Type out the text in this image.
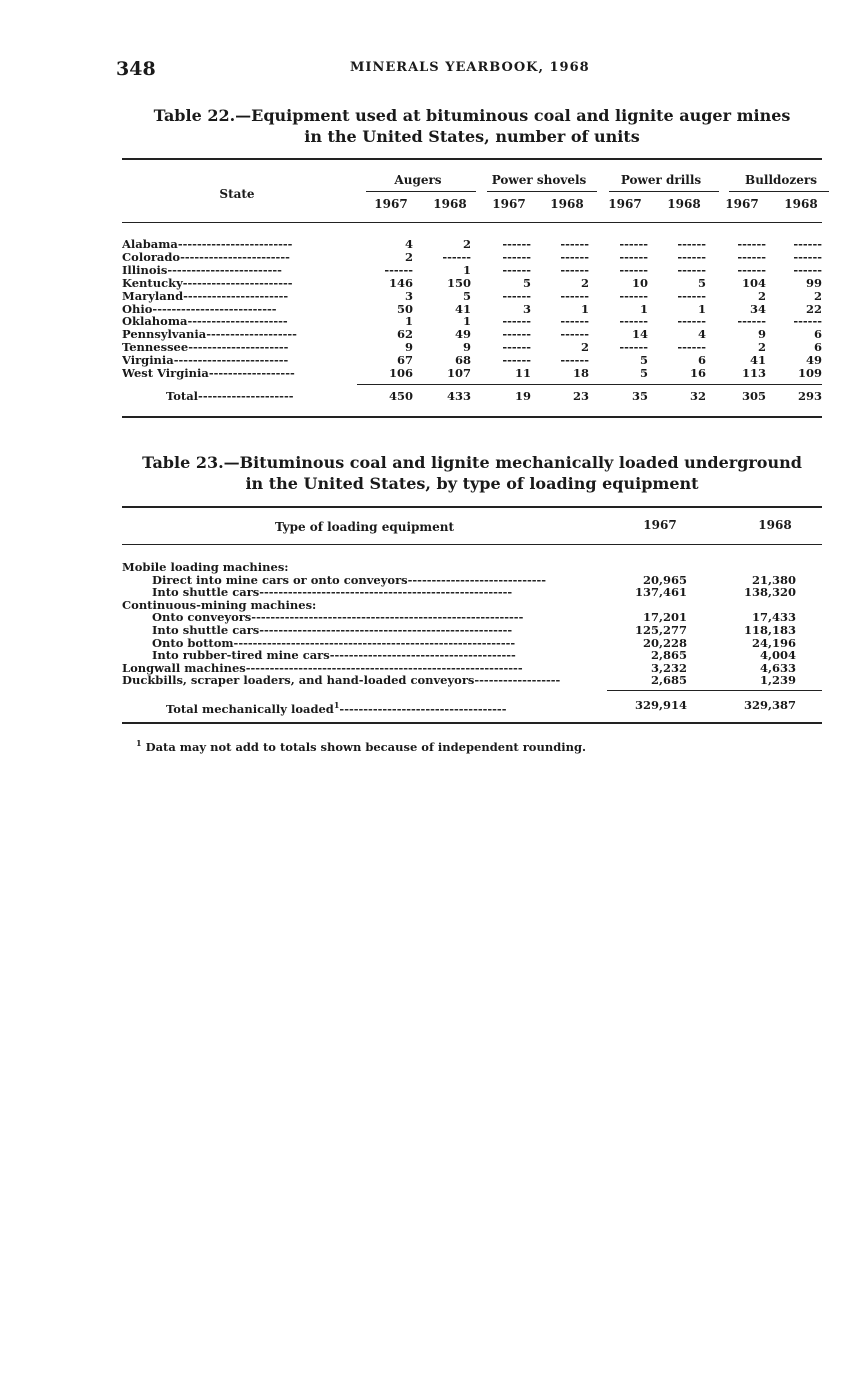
348	MINERALS YEARBOOK, 1968
Table 22.—Equipment used at bituminous coal and lignite auger mines
in the United States, number of units
State
Augers	Power shovels	Power drills	Bulldozers
1967	1968	1967	1968	1967	1968	1967	1968
Alabama------------------------	4	2	------	------	------	------	------	------
Colorado-----------------------	2	------	------	------	------	------	------	------
Illinois------------------------	------	1	------	------	------	------	------	------
Kentucky-----------------------	146	150	5	2	10	5	104	99
Maryland----------------------	3	5	------	------	------	------	2	2
Ohio--------------------------	50	41	3	1	1	1	34	22
Oklahoma---------------------	1	1	------	------	------	------	------	------
Pennsylvania-------------------	62	49	------	------	14	4	9	6
Tennessee---------------------	9	9	------	2	------	------	2	6
Virginia------------------------	67	68	------	------	5	6	41	49
West Virginia------------------	106	107	11	18	5	16	113	109
Total--------------------	450	433	19	23	35	32	305	293
Table 23.—Bituminous coal and lignite mechanically loaded underground
in the United States, by type of loading equipment
Type of loading equipment	1967	1968
Mobile loading machines:
Direct into mine cars or onto conveyors-----------------------------	20,965	21,380
Into shuttle cars-----------------------------------------------------	137,461	138,320
Continuous-mining machines:
Onto conveyors---------------------------------------------------------	17,201	17,433
Into shuttle cars-----------------------------------------------------	125,277	118,183
Onto bottom-----------------------------------------------------------	20,228	24,196
Into rubber-tired mine cars---------------------------------------	2,865	4,004
Longwall machines----------------------------------------------------------	3,232	4,633
Duckbills, scraper loaders, and hand-loaded conveyors------------------	2,685	1,239
Total mechanically loaded$^1$-----------------------------------	329,914	329,387
$^1$ Data may not add to totals shown because of independent rounding.
